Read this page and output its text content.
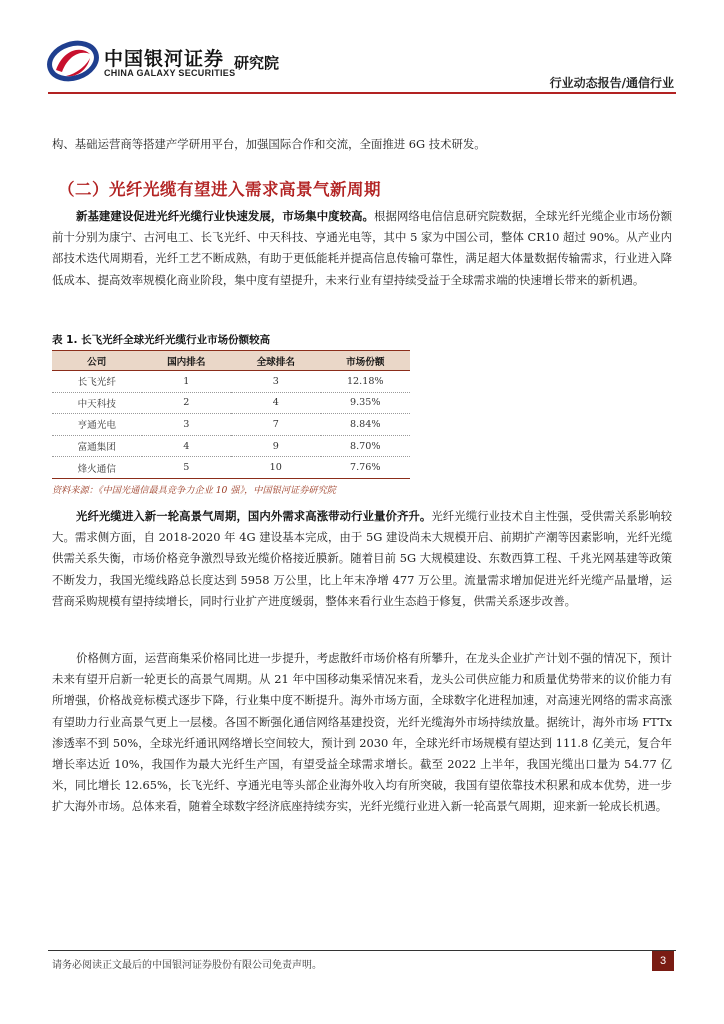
中国银河证券
CHINA GALAXY SECURITIES
研究院
行业动态报告/通信行业

构、基础运营商等搭建产学研用平台，加强国际合作和交流，全面推进 6G 技术研发。

（二）光纤光缆有望进入需求高景气新周期

新基建建设促进光纤光缆行业快速发展，市场集中度较高。根据网络电信信息研究院数据，全球光纤光缆企业市场份额前十分别为康宁、古河电工、长飞光纤、中天科技、亨通光电等，其中 5 家为中国公司，整体 CR10 超过 90%。从产业内部技术迭代周期看，光纤工艺不断成熟，有助于更低能耗并提高信息传输可靠性，满足超大体量数据传输需求，行业进入降低成本、提高效率规模化商业阶段，集中度有望提升，未来行业有望持续受益于全球需求端的快速增长带来的新机遇。

表 1. 长飞光纤全球光纤光缆行业市场份额较高
公司	国内排名	全球排名	市场份额
长飞光纤	1	3	12.18%
中天科技	2	4	9.35%
亨通光电	3	7	8.84%
富通集团	4	9	8.70%
烽火通信	5	10	7.76%
资料来源：《中国光通信最具竞争力企业 10 强》，中国银河证券研究院

光纤光缆进入新一轮高景气周期，国内外需求高涨带动行业量价齐升。光纤光缆行业技术自主性强，受供需关系影响较大。需求侧方面，自 2018-2020 年 4G 建设基本完成，由于 5G 建设尚未大规模开启、前期扩产潮等因素影响，光纤光缆供需关系失衡，市场价格竞争激烈导致光缆价格接近膜新。随着目前 5G 大规模建设、东数西算工程、千兆光网基建等政策不断发力，我国光缆线路总长度达到 5958 万公里，比上年末净增 477 万公里。流量需求增加促进光纤光缆产品量增，运营商采购规模有望持续增长，同时行业扩产进度缓弱，整体来看行业生态趋于修复，供需关系逐步改善。

价格侧方面，运营商集采价格同比进一步提升，考虑散纤市场价格有所攀升，在龙头企业扩产计划不强的情况下，预计未来有望开启新一轮更长的高景气周期。从 21 年中国移动集采情况来看，龙头公司供应能力和质量优势带来的议价能力有所增强，价格战竞标模式逐步下降，行业集中度不断提升。海外市场方面，全球数字化进程加速，对高速光网络的需求高涨有望助力行业高景气更上一层楼。各国不断强化通信网络基建投资，光纤光缆海外市场持续放量。据统计，海外市场 FTTx 渗透率不到 50%，全球光纤通讯网络增长空间较大，预计到 2030 年，全球光纤市场规模有望达到 111.8 亿美元，复合年增长率达近 10%，我国作为最大光纤生产国，有望受益全球需求增长。截至 2022 上半年，我国光缆出口量为 54.77 亿米，同比增长 12.65%，长飞光纤、亨通光电等头部企业海外收入均有所突破，我国有望依靠技术积累和成本优势，进一步扩大海外市场。总体来看，随着全球数字经济底座持续夯实，光纤光缆行业进入新一轮高景气周期，迎来新一轮成长机遇。

请务必阅读正文最后的中国银河证券股份有限公司免责声明。	3
